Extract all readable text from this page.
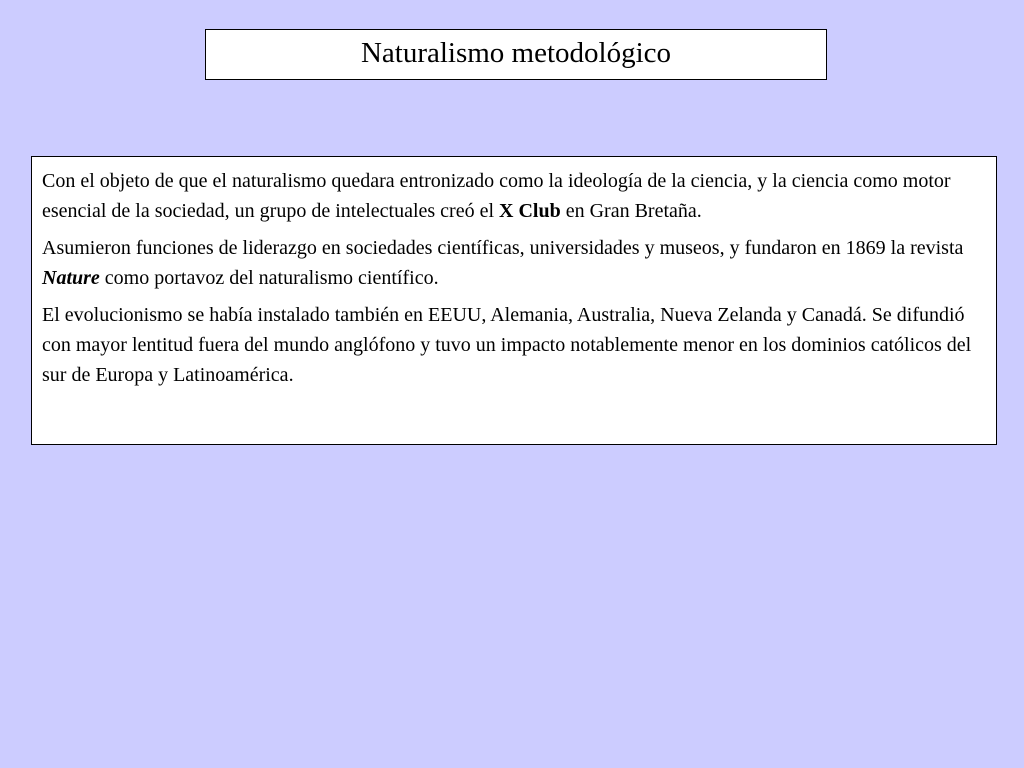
Naturalismo metodológico

Con el objeto de que el naturalismo quedara entronizado como la ideología de la ciencia, y la ciencia como motor esencial de la sociedad, un grupo de intelectuales creó el X Club en Gran Bretaña.

Asumieron funciones de liderazgo en sociedades científicas, universidades y museos, y fundaron en 1869 la revista Nature como portavoz del naturalismo científico.

El evolucionismo se había instalado también en EEUU, Alemania, Australia, Nueva Zelanda y Canadá. Se difundió con mayor lentitud fuera del mundo anglófono y tuvo un impacto notablemente menor en los dominios católicos del sur de Europa y Latinoamérica.
